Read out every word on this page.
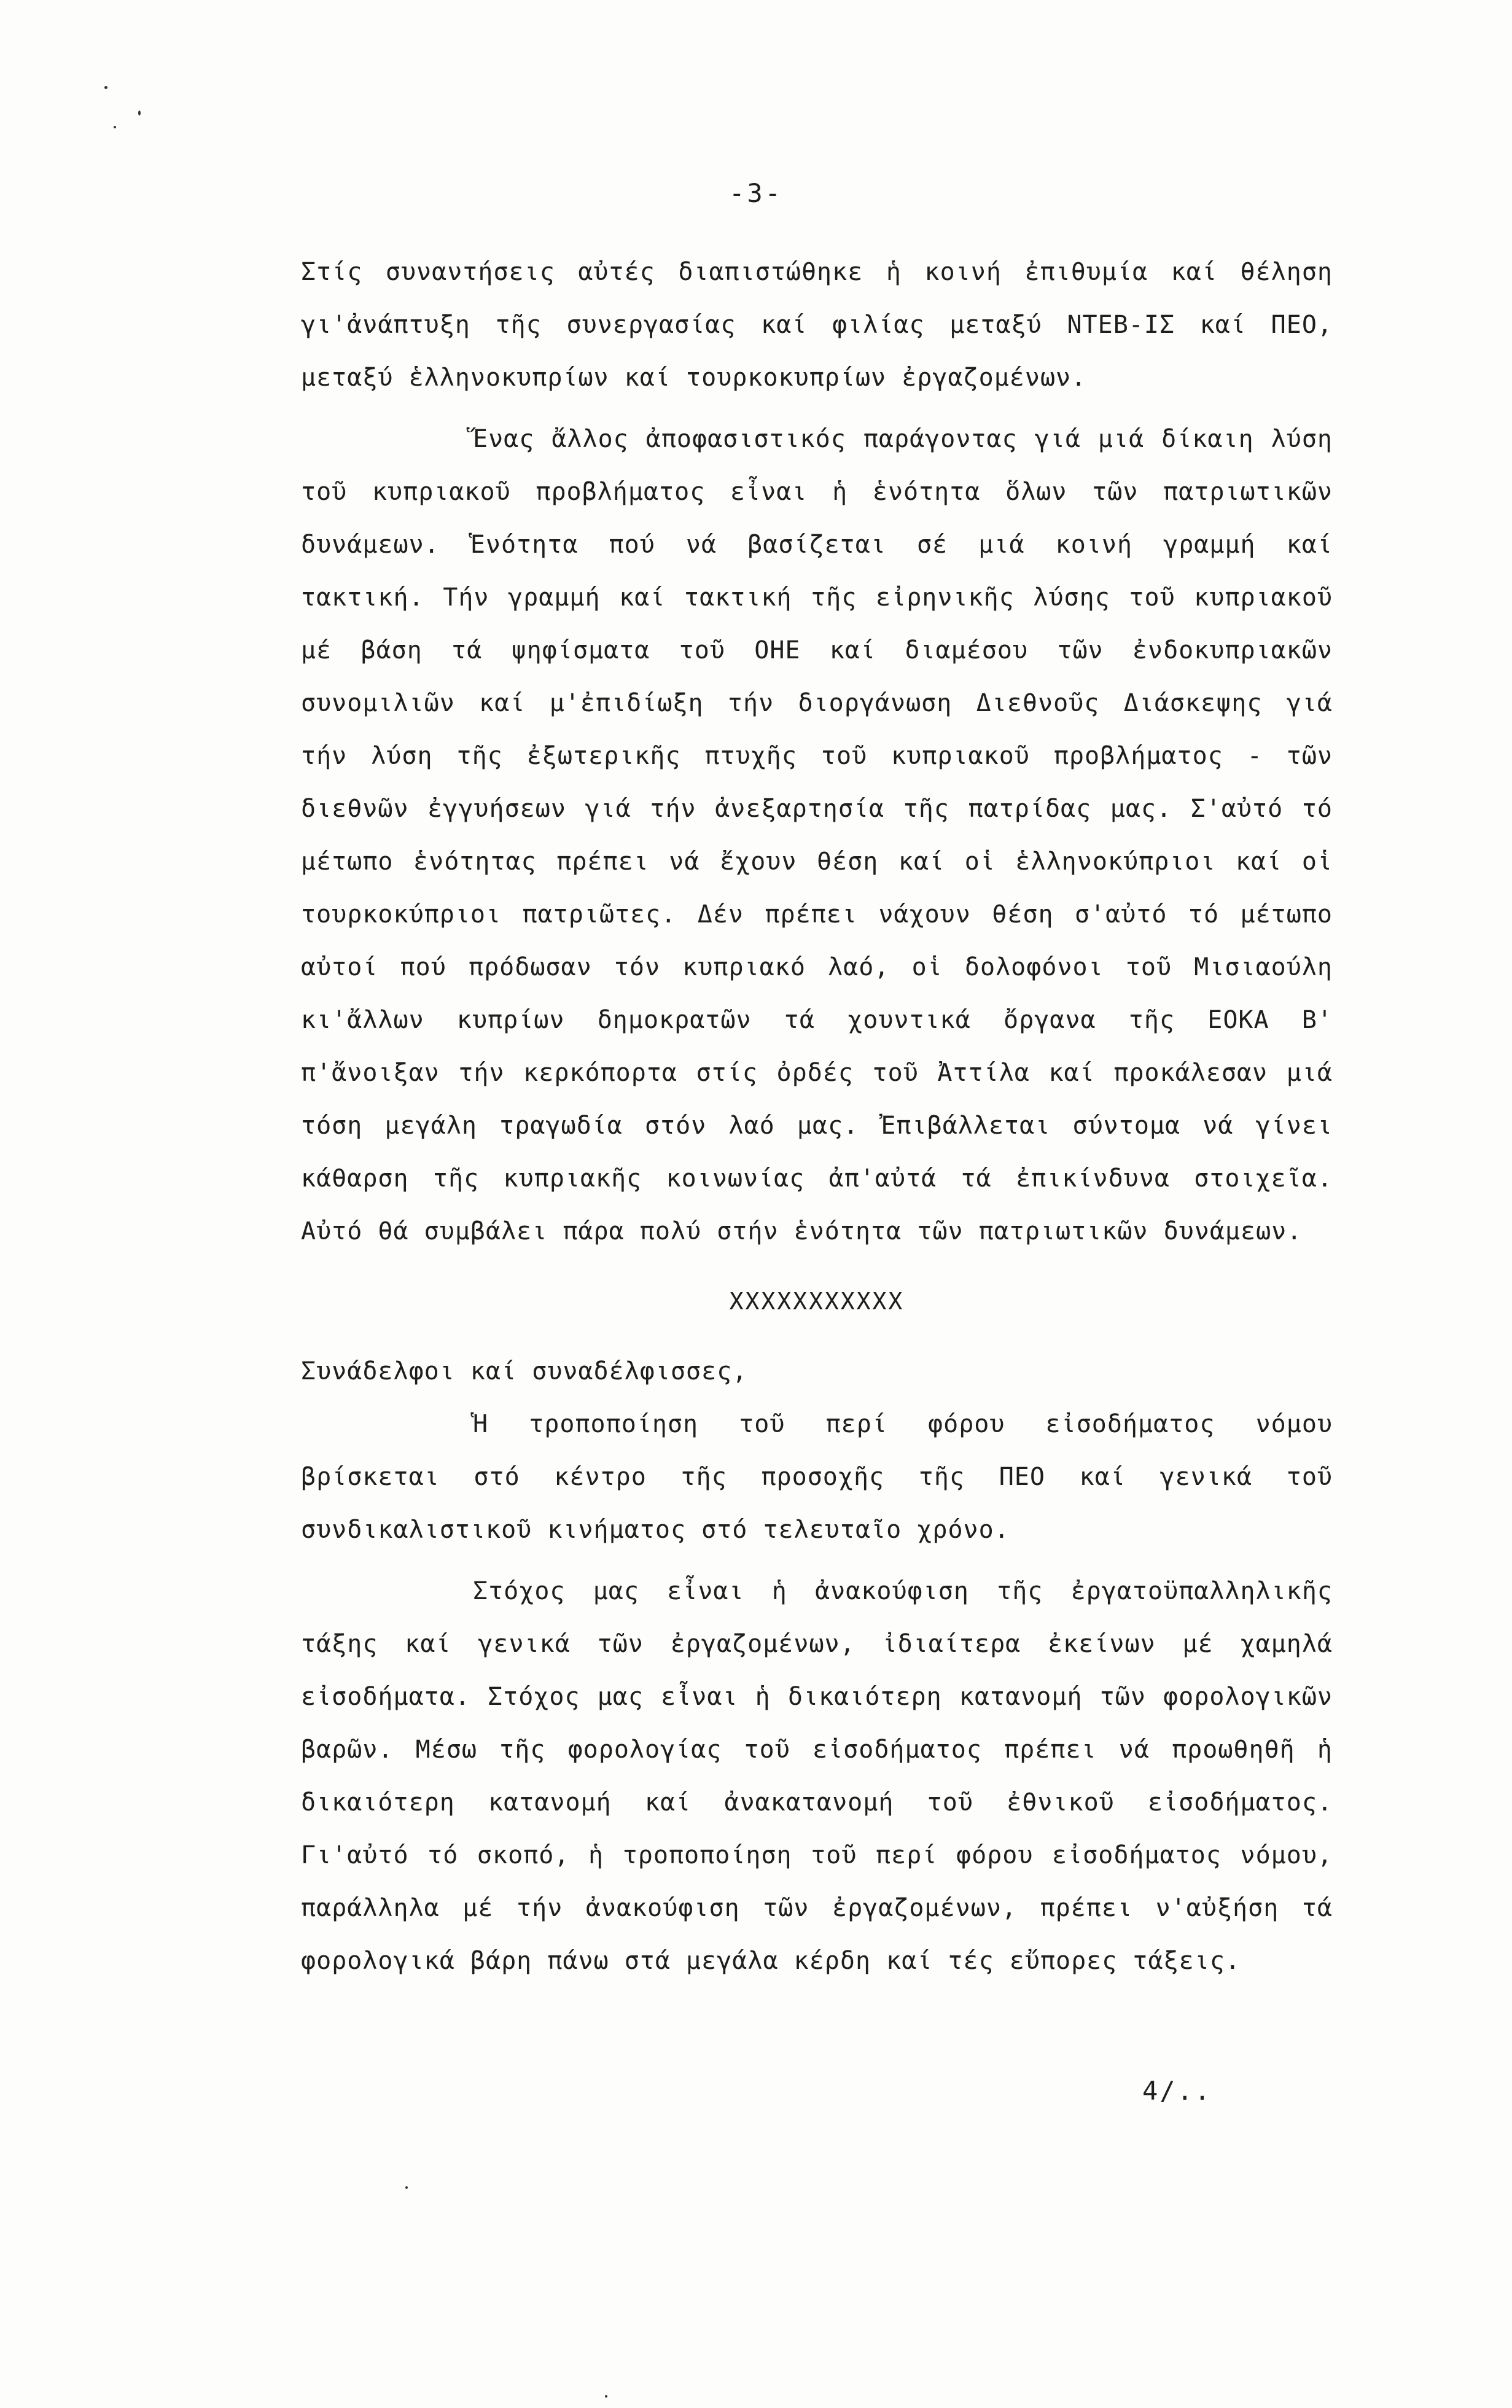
-3-

Στίς συναντήσεις αὐτές διαπιστώθηκε ἡ κοινή ἐπιθυμία καί θέληση γι'ἀνάπτυξη τῆς συνεργασίας καί φιλίας μεταξύ ΝΤΕΒ-ΙΣ καί ΠΕΟ, μεταξύ ἑλληνοκυπρίων καί τουρκοκυπρίων ἐργαζομένων.

Ἕνας ἄλλος ἀποφασιστικός παράγοντας γιά μιά δίκαιη λύση τοῦ κυπριακοῦ προβλήματος εἶναι ἡ ἑνότητα ὅλων τῶν πατριωτικῶν δυνάμεων. Ἑνότητα πού νά βασίζεται σέ μιά κοινή γραμμή καί τακτική. Τήν γραμμή καί τακτική τῆς εἰρηνικῆς λύσης τοῦ κυπριακοῦ μέ βάση τά ψηφίσματα τοῦ ΟΗΕ καί διαμέσου τῶν ἐνδοκυπριακῶν συνομιλιῶν καί μ'ἐπιδίωξη τήν διοργάνωση Διεθνοῦς Διάσκεψης γιά τήν λύση τῆς ἐξωτερικῆς πτυχῆς τοῦ κυπριακοῦ προβλήματος - τῶν διεθνῶν ἐγγυήσεων γιά τήν ἀνεξαρτησία τῆς πατρίδας μας. Σ'αὐτό τό μέτωπο ἑνότητας πρέπει νά ἔχουν θέση καί οἱ ἑλληνοκύπριοι καί οἱ τουρκοκύπριοι πατριῶτες. Δέν πρέπει νάχουν θέση σ'αὐτό τό μέτωπο αὐτοί πού πρόδωσαν τόν κυπριακό λαό, οἱ δολοφόνοι τοῦ Μισιαούλη κι'ἄλλων κυπρίων δημοκρατῶν τά χουντικά ὄργανα τῆς ΕΟΚΑ Β' π'ἄνοιξαν τήν κερκόπορτα στίς ὀρδές τοῦ Ἀττίλα καί προκάλεσαν μιά τόση μεγάλη τραγωδία στόν λαό μας. Ἐπιβάλλεται σύντομα νά γίνει κάθαρση τῆς κυπριακῆς κοινωνίας ἀπ'αὐτά τά ἐπικίνδυνα στοιχεῖα. Αὐτό θά συμβάλει πάρα πολύ στήν ἑνότητα τῶν πατριωτικῶν δυνάμεων.

XXXXXXXXXXX

Συνάδελφοι καί συναδέλφισσες,

Ἡ τροποποίηση τοῦ περί φόρου εἰσοδήματος νόμου βρίσκεται στό κέντρο τῆς προσοχῆς τῆς ΠΕΟ καί γενικά τοῦ συνδικαλιστικοῦ κινήματος στό τελευταῖο χρόνο.

Στόχος μας εἶναι ἡ ἀνακούφιση τῆς ἐργατοϋπαλληλικῆς τάξης καί γενικά τῶν ἐργαζομένων, ἰδιαίτερα ἐκείνων μέ χαμηλά εἰσοδήματα. Στόχος μας εἶναι ἡ δικαιότερη κατανομή τῶν φορολογικῶν βαρῶν. Μέσω τῆς φορολογίας τοῦ εἰσοδήματος πρέπει νά προωθηθῆ ἡ δικαιότερη κατανομή καί ἀνακατανομή τοῦ ἐθνικοῦ εἰσοδήματος. Γι'αὐτό τό σκοπό, ἡ τροποποίηση τοῦ περί φόρου εἰσοδήματος νόμου, παράλληλα μέ τήν ἀνακούφιση τῶν ἐργαζομένων, πρέπει ν'αὐξήση τά φορολογικά βάρη πάνω στά μεγάλα κέρδη καί τές εὔπορες τάξεις.

4/..
